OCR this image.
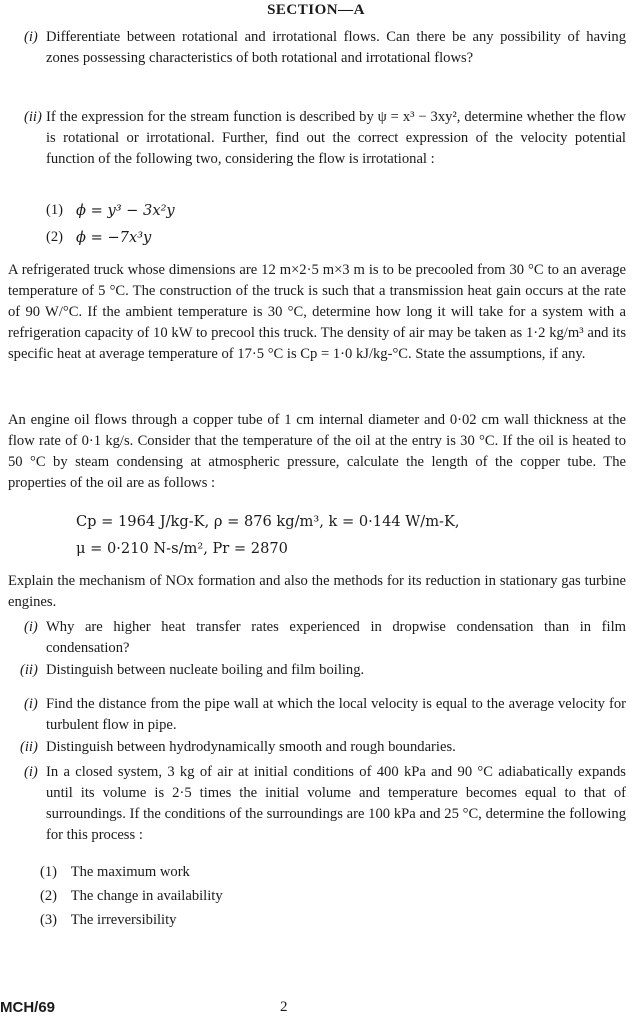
SECTION—A
(i) Differentiate between rotational and irrotational flows. Can there be any possibility of having zones possessing characteristics of both rotational and irrotational flows?
(ii) If the expression for the stream function is described by ψ = x³ − 3xy², determine whether the flow is rotational or irrotational. Further, find out the correct expression of the velocity potential function of the following two, considering the flow is irrotational :
(1) ϕ = y³ − 3x²y
(2) ϕ = −7x³y
A refrigerated truck whose dimensions are 12 m×2·5 m×3 m is to be precooled from 30 °C to an average temperature of 5 °C. The construction of the truck is such that a transmission heat gain occurs at the rate of 90 W/°C. If the ambient temperature is 30 °C, determine how long it will take for a system with a refrigeration capacity of 10 kW to precool this truck. The density of air may be taken as 1·2 kg/m³ and its specific heat at average temperature of 17·5 °C is Cp = 1·0 kJ/kg-°C. State the assumptions, if any.
An engine oil flows through a copper tube of 1 cm internal diameter and 0·02 cm wall thickness at the flow rate of 0·1 kg/s. Consider that the temperature of the oil at the entry is 30 °C. If the oil is heated to 50 °C by steam condensing at atmospheric pressure, calculate the length of the copper tube. The properties of the oil are as follows :
Cp = 1964 J/kg-K, ρ = 876 kg/m³, k = 0·144 W/m-K,
μ = 0·210 N-s/m², Pr = 2870
Explain the mechanism of NOx formation and also the methods for its reduction in stationary gas turbine engines.
(i) Why are higher heat transfer rates experienced in dropwise condensation than in film condensation?
(ii) Distinguish between nucleate boiling and film boiling.
(i) Find the distance from the pipe wall at which the local velocity is equal to the average velocity for turbulent flow in pipe.
(ii) Distinguish between hydrodynamically smooth and rough boundaries.
(i) In a closed system, 3 kg of air at initial conditions of 400 kPa and 90 °C adiabatically expands until its volume is 2·5 times the initial volume and temperature becomes equal to that of surroundings. If the conditions of the surroundings are 100 kPa and 25 °C, determine the following for this process :
(1) The maximum work
(2) The change in availability
(3) The irreversibility
MCH/69	2
